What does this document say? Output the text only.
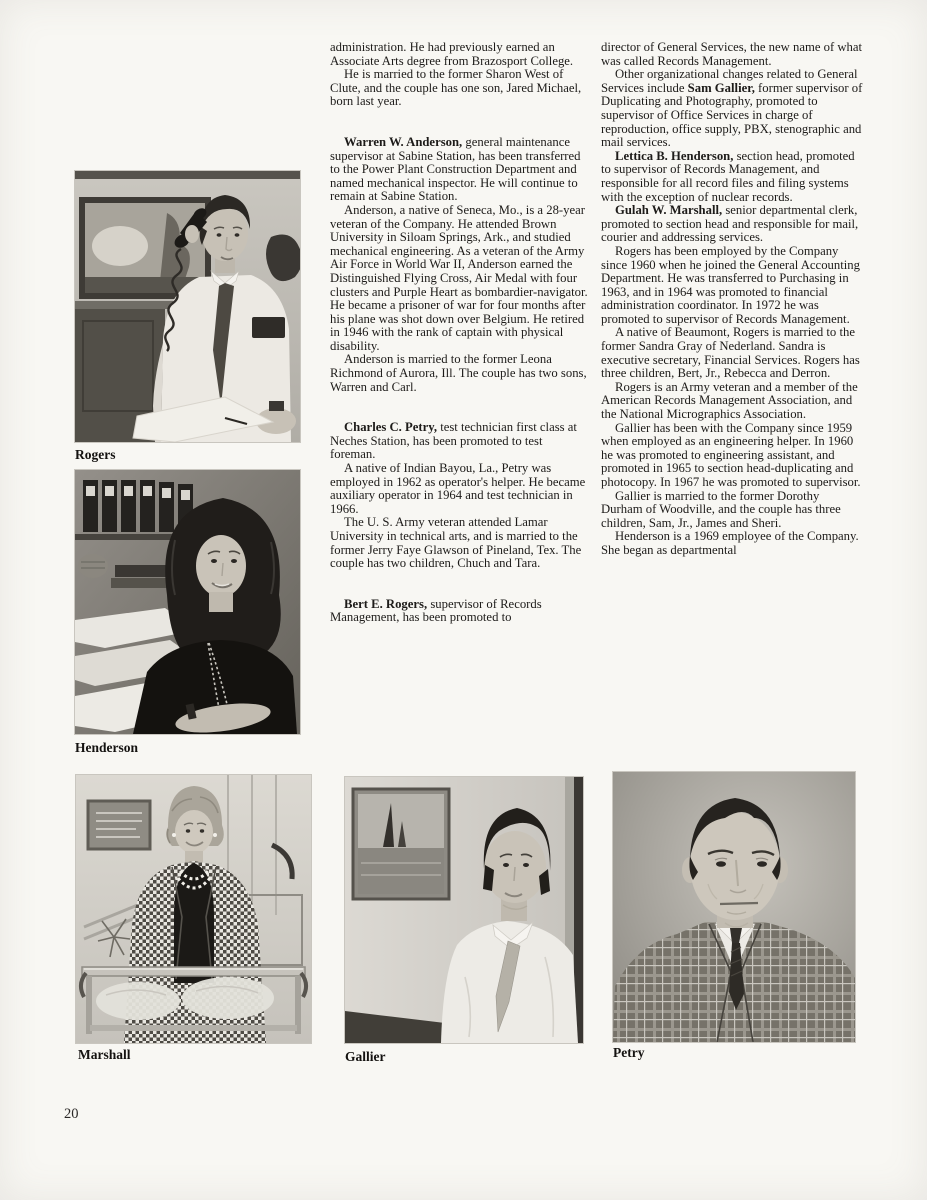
Rogers
Henderson
Marshall	Gallier	Petry

administration. He had previously earned an Associate Arts degree from Brazosport College.

He is married to the former Sharon West of Clute, and the couple has one son, Jared Michael, born last year.

Warren W. Anderson, general maintenance supervisor at Sabine Station, has been transferred to the Power Plant Construction Department and named mechanical inspector. He will continue to remain at Sabine Station.

Anderson, a native of Seneca, Mo., is a 28-year veteran of the Company. He attended Brown University in Siloam Springs, Ark., and studied mechanical engineering. As a veteran of the Army Air Force in World War II, Anderson earned the Distinguished Flying Cross, Air Medal with four clusters and Purple Heart as bombardier-navigator. He became a prisoner of war for four months after his plane was shot down over Belgium. He retired in 1946 with the rank of captain with physical disability.

Anderson is married to the former Leona Richmond of Aurora, Ill. The couple has two sons, Warren and Carl.

Charles C. Petry, test technician first class at Neches Station, has been promoted to test foreman.

A native of Indian Bayou, La., Petry was employed in 1962 as operator's helper. He became auxiliary operator in 1964 and test technician in 1966.

The U. S. Army veteran attended Lamar University in technical arts, and is married to the former Jerry Faye Glawson of Pineland, Tex. The couple has two children, Chuch and Tara.

Bert E. Rogers, supervisor of Records Management, has been promoted to

director of General Services, the new name of what was called Records Management.

Other organizational changes related to General Services include Sam Gallier, former supervisor of Duplicating and Photography, promoted to supervisor of Office Services in charge of reproduction, office supply, PBX, stenographic and mail services.

Lettica B. Henderson, section head, promoted to supervisor of Records Management, and responsible for all record files and filing systems with the exception of nuclear records.

Gulah W. Marshall, senior departmental clerk, promoted to section head and responsible for mail, courier and addressing services.

Rogers has been employed by the Company since 1960 when he joined the General Accounting Department. He was transferred to Purchasing in 1963, and in 1964 was promoted to financial administration coordinator. In 1972 he was promoted to supervisor of Records Management.

A native of Beaumont, Rogers is married to the former Sandra Gray of Nederland. Sandra is executive secretary, Financial Services. Rogers has three children, Bert, Jr., Rebecca and Derron.

Rogers is an Army veteran and a member of the American Records Management Association, and the National Micrographics Association.

Gallier has been with the Company since 1959 when employed as an engineering helper. In 1960 he was promoted to engineering assistant, and promoted in 1965 to section head-duplicating and photocopy. In 1967 he was promoted to supervisor.

Gallier is married to the former Dorothy Durham of Woodville, and the couple has three children, Sam, Jr., James and Sheri.

Henderson is a 1969 employee of the Company. She began as departmental

20
